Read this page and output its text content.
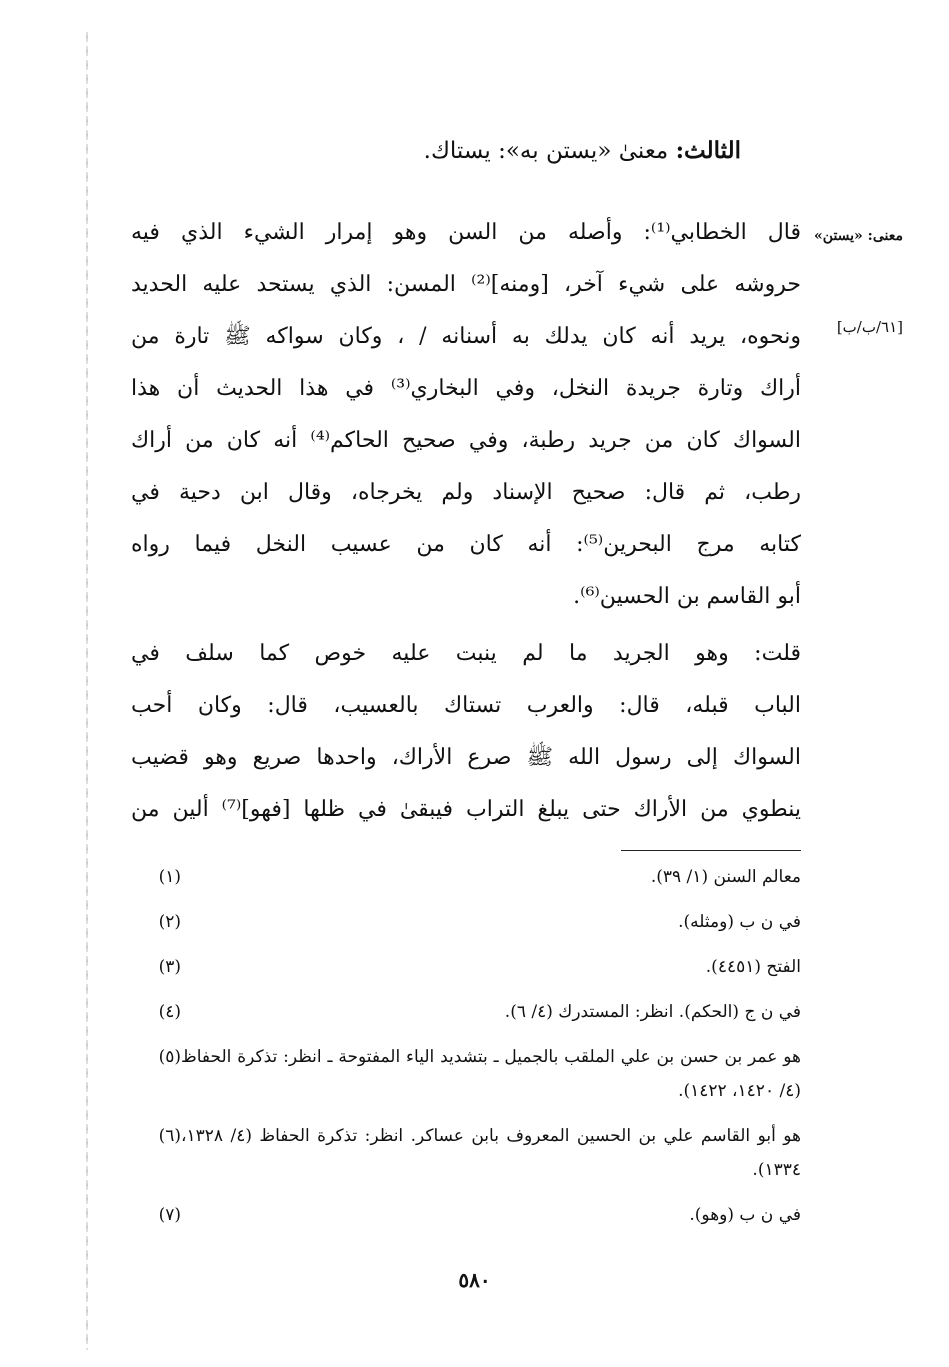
الثالث: معنىٰ «يستن به»: يستاك.
معنى: «يستن»
[٦١/ب/ب]
قال الخطابي⁽¹⁾: وأصله من السن وهو إمرار الشيء الذي فيه
حروشه على شيء آخر، [ومنه]⁽²⁾ المسن: الذي يستحد عليه الحديد
ونحوه، يريد أنه كان يدلك به أسنانه / ، وكان سواكه ﷺ تارة من
أراك وتارة جريدة النخل، وفي البخاري⁽³⁾ في هذا الحديث أن هذا
السواك كان من جريد رطبة، وفي صحيح الحاكم⁽⁴⁾ أنه كان من أراك
رطب، ثم قال: صحيح الإسناد ولم يخرجاه، وقال ابن دحية في
كتابه مرج البحرين⁽⁵⁾: أنه كان من عسيب النخل فيما رواه
أبو القاسم بن الحسين⁽⁶⁾.
قلت: وهو الجريد ما لم ينبت عليه خوص كما سلف في
الباب قبله، قال: والعرب تستاك بالعسيب، قال: وكان أحب
السواك إلى رسول الله ﷺ صرع الأراك، واحدها صريع وهو قضيب
ينطوي من الأراك حتى يبلغ التراب فيبقىٰ في ظلها [فهو]⁽⁷⁾ ألين من
(١)	معالم السنن (١/ ٣٩).
(٢)	في ن ب (ومثله).
(٣)	الفتح (٤٤٥١).
(٤)	في ن ج (الحكم). انظر: المستدرك (٤/ ٦).
(٥) هو عمر بن حسن بن علي الملقب بالجميل ـ بتشديد الياء المفتوحة ـ انظر: تذكرة الحفاظ (٤/ ١٤٢٠، ١٤٢٢).
(٦) هو أبو القاسم علي بن الحسين المعروف بابن عساكر. انظر: تذكرة الحفاظ (٤/ ١٣٢٨، ١٣٣٤).
(٧)	في ن ب (وهو).
٥٨٠
